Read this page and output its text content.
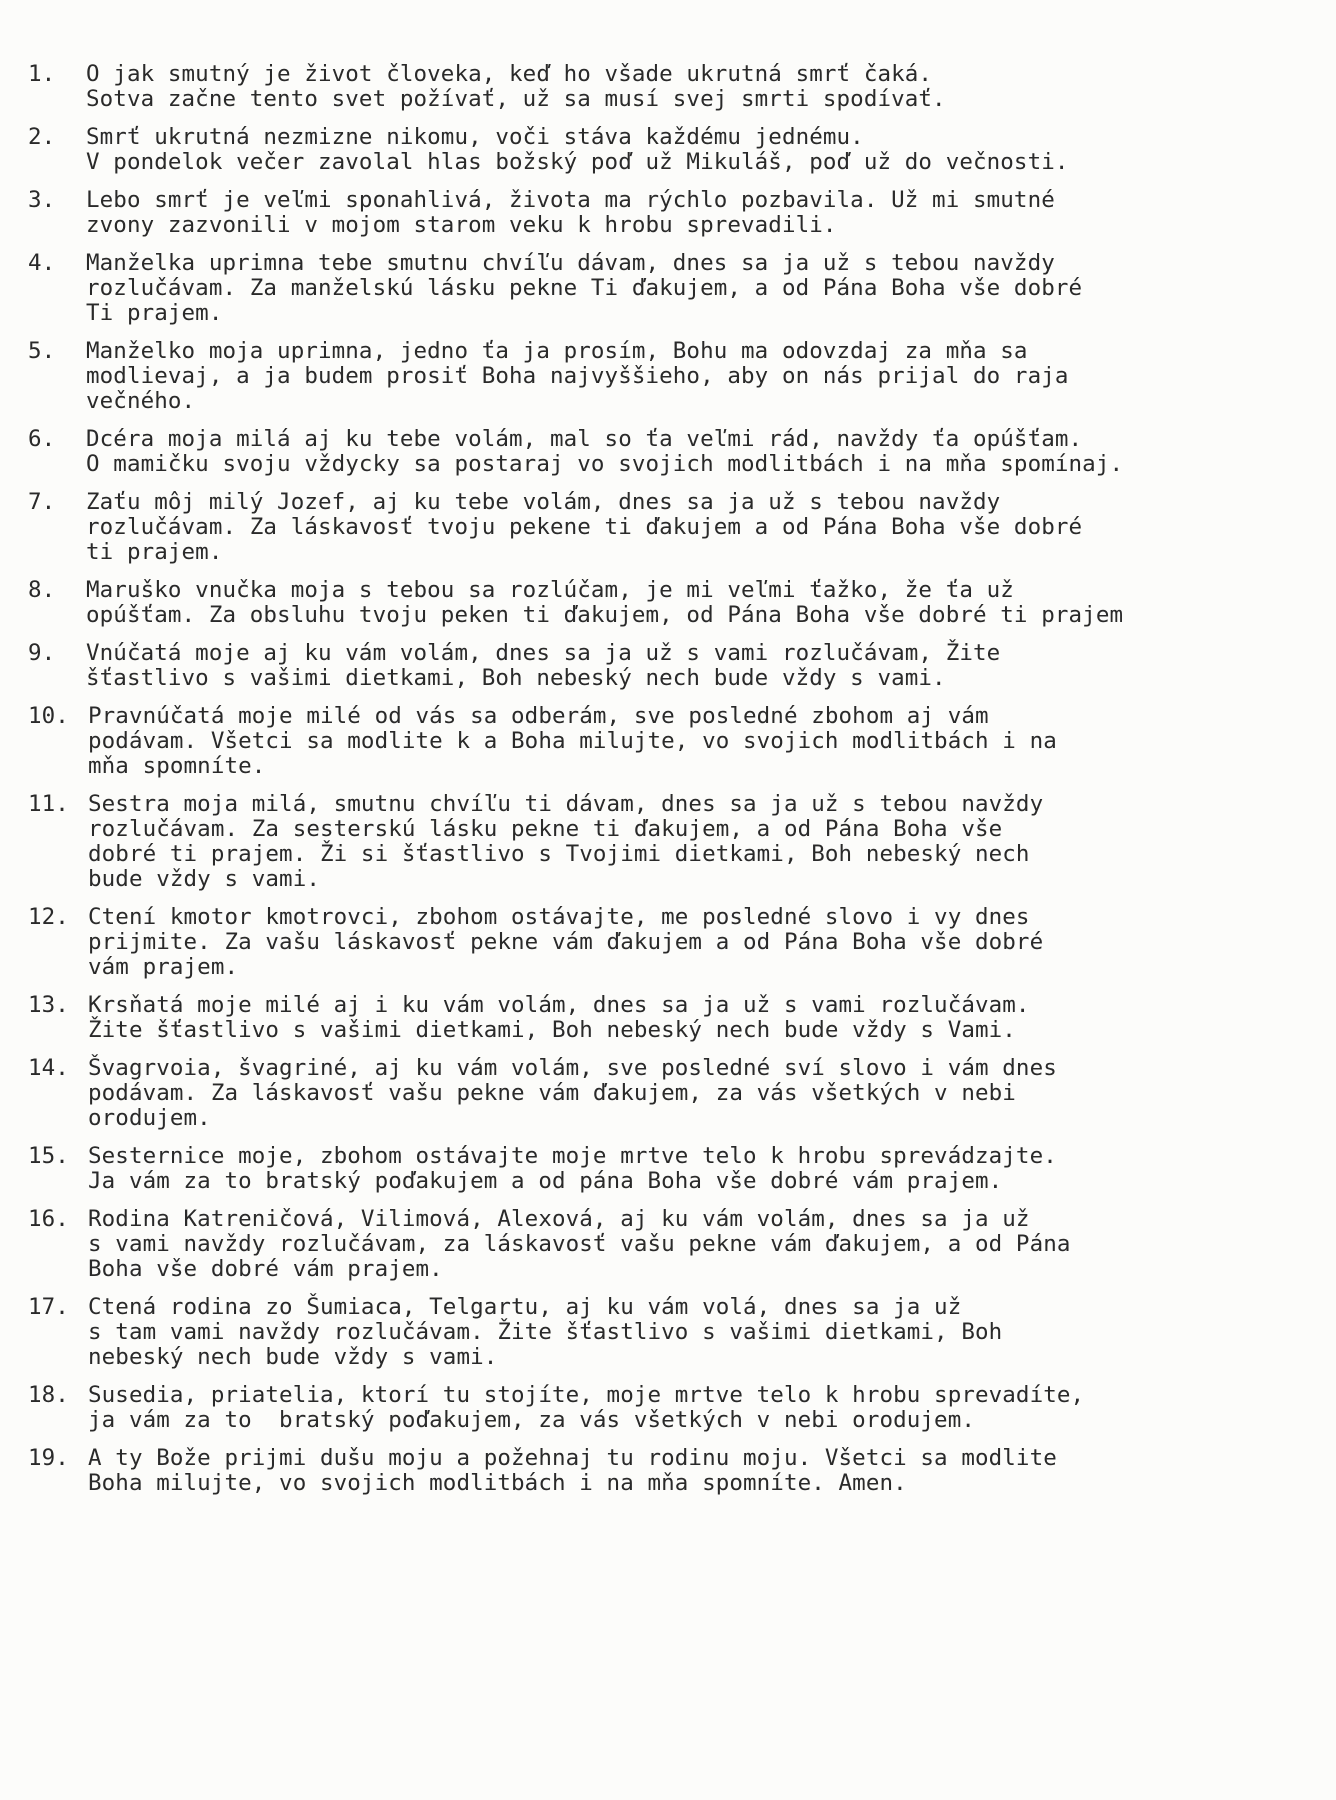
1.	O jak smutný je život človeka, keď ho všade ukrutná smrť čaká.
Sotva začne tento svet požívať, už sa musí svej smrti spodívať.
2.	Smrť ukrutná nezmizne nikomu, voči stáva každému jednému.
V pondelok večer zavolal hlas božský poď už Mikuláš, poď už do večnosti.
3.	Lebo smrť je veľmi sponahlivá, života ma rýchlo pozbavila. Už mi smutné
zvony zazvonili v mojom starom veku k hrobu sprevadili.
4.	Manželka uprimna tebe smutnu chvíľu dávam, dnes sa ja už s tebou navždy
rozlučávam. Za manželskú lásku pekne Ti ďakujem, a od Pána Boha vše dobré
Ti prajem.
5.	Manželko moja uprimna, jedno ťa ja prosím, Bohu ma odovzdaj za mňa sa
modlievaj, a ja budem prosiť Boha najvyššieho, aby on nás prijal do raja
večného.
6.	Dcéra moja milá aj ku tebe volám, mal so ťa veľmi rád, navždy ťa opúšťam.
O mamičku svoju vždycky sa postaraj vo svojich modlitbách i na mňa spomínaj.
7.	Zaťu môj milý Jozef, aj ku tebe volám, dnes sa ja už s tebou navždy
rozlučávam. Za láskavosť tvoju pekene ti ďakujem a od Pána Boha vše dobré
ti prajem.
8.	Maruško vnučka moja s tebou sa rozlúčam, je mi veľmi ťažko, že ťa už
opúšťam. Za obsluhu tvoju peken ti ďakujem, od Pána Boha vše dobré ti prajem
9.	Vnúčatá moje aj ku vám volám, dnes sa ja už s vami rozlučávam, Žite
šťastlivo s vašimi dietkami, Boh nebeský nech bude vždy s vami.
10. Pravnúčatá moje milé od vás sa odberám, sve posledné zbohom aj vám
podávam. Všetci sa modlite k a Boha milujte, vo svojich modlitbách i na
mňa spomníte.
11. Sestra moja milá, smutnu chvíľu ti dávam, dnes sa ja už s tebou navždy
rozlučávam. Za sesterskú lásku pekne ti ďakujem, a od Pána Boha vše
dobré ti prajem. Ži si šťastlivo s Tvojimi dietkami, Boh nebeský nech
bude vždy s vami.
12. Ctení kmotor kmotrovci, zbohom ostávajte, me posledné slovo i vy dnes
prijmite. Za vašu láskavosť pekne vám ďakujem a od Pána Boha vše dobré
vám prajem.
13. Krsňatá moje milé aj i ku vám volám, dnes sa ja už s vami rozlučávam.
Žite šťastlivo s vašimi dietkami, Boh nebeský nech bude vždy s Vami.
14. Švagrvoia, švagriné, aj ku vám volám, sve posledné sví slovo i vám dnes
podávam. Za láskavosť vašu pekne vám ďakujem, za vás všetkých v nebi
orodujem.
15. Sesternice moje, zbohom ostávajte moje mrtve telo k hrobu sprevádzajte.
Ja vám za to bratský poďakujem a od pána Boha vše dobré vám prajem.
16. Rodina Katreničová, Vilimová, Alexová, aj ku vám volám, dnes sa ja už
s vami navždy rozlučávam, za láskavosť vašu pekne vám ďakujem, a od Pána
Boha vše dobré vám prajem.
17. Ctená rodina zo Šumiaca, Telgartu, aj ku vám volá, dnes sa ja už
s tam vami navždy rozlučávam. Žite šťastlivo s vašimi dietkami, Boh
nebeský nech bude vždy s vami.
18. Susedia, priatelia, ktorí tu stojíte, moje mrtve telo k hrobu sprevadíte,
ja vám za to  bratský poďakujem, za vás všetkých v nebi orodujem.
19. A ty Bože prijmi dušu moju a požehnaj tu rodinu moju. Všetci sa modlite
Boha milujte, vo svojich modlitbách i na mňa spomníte. Amen.
